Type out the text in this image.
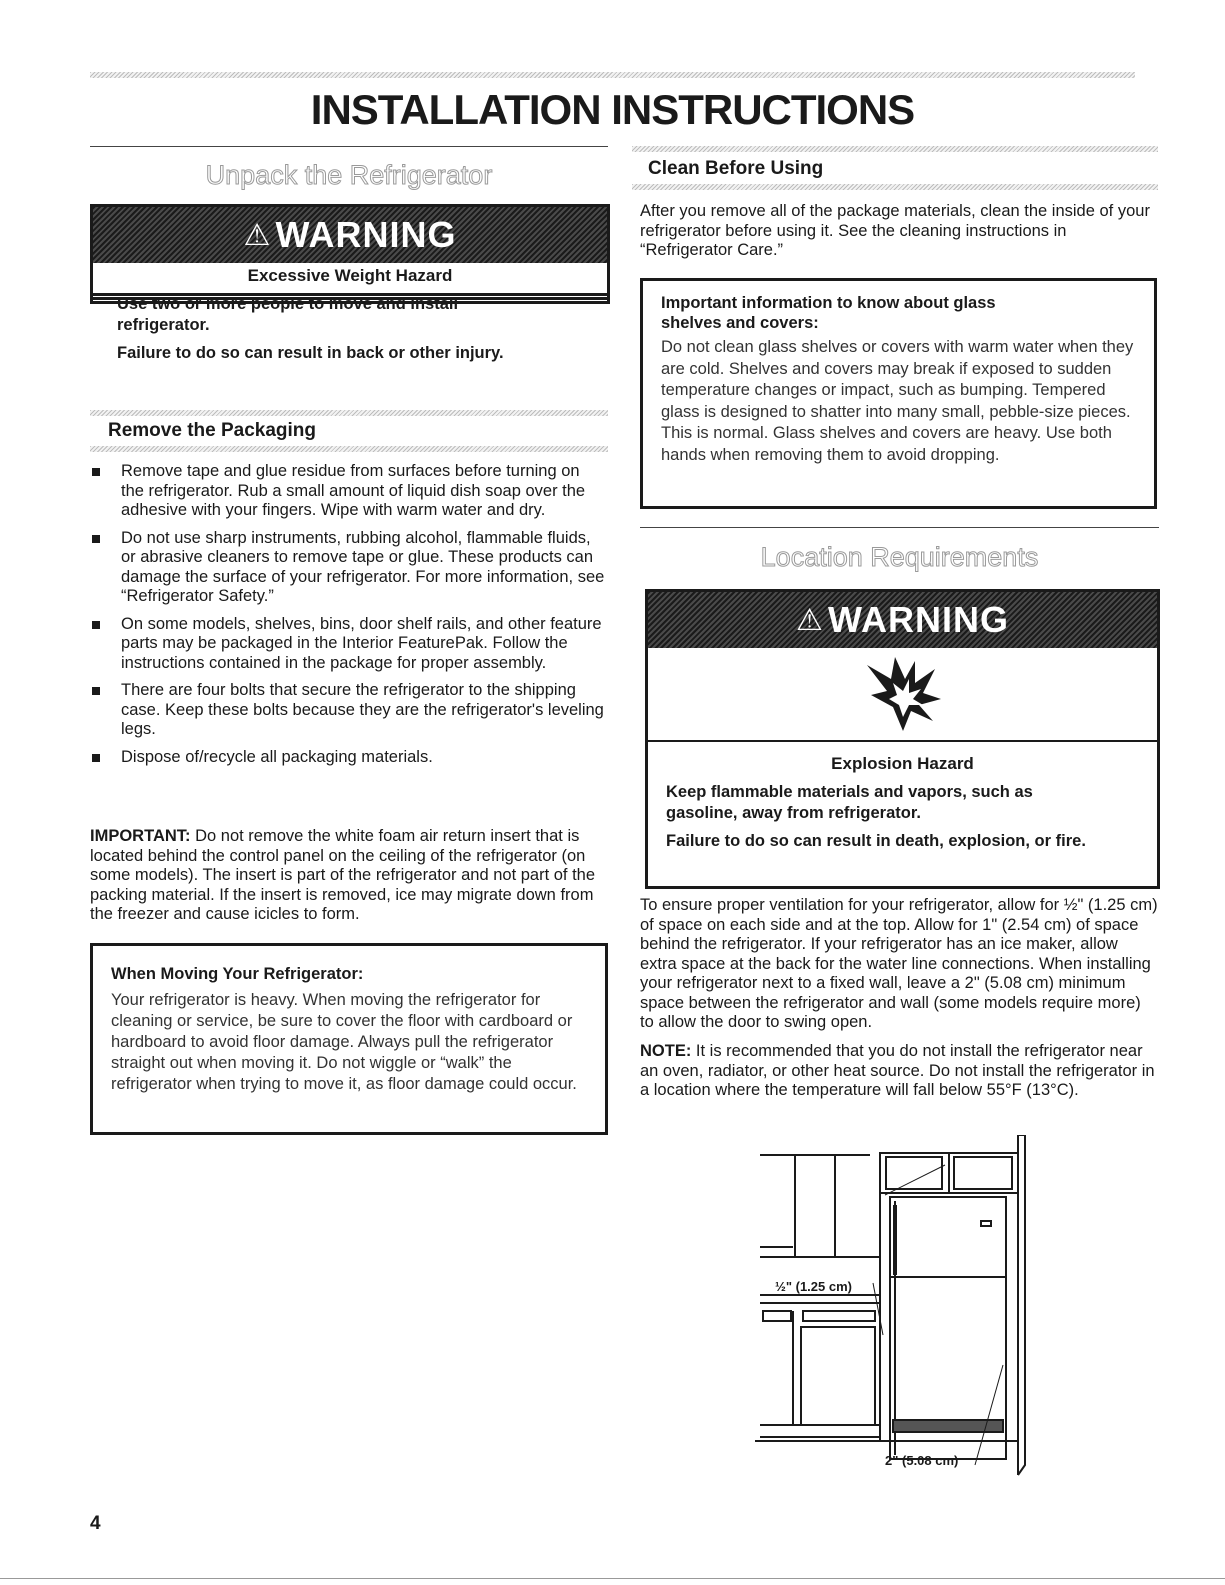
INSTALLATION INSTRUCTIONS
Unpack the Refrigerator
⚠ WARNING
Excessive Weight Hazard

Use two or more people to move and install refrigerator.

Failure to do so can result in back or other injury.

Remove the Packaging
Remove tape and glue residue from surfaces before turning on the refrigerator. Rub a small amount of liquid dish soap over the adhesive with your fingers. Wipe with warm water and dry.
Do not use sharp instruments, rubbing alcohol, flammable fluids, or abrasive cleaners to remove tape or glue. These products can damage the surface of your refrigerator. For more information, see “Refrigerator Safety.”
On some models, shelves, bins, door shelf rails, and other feature parts may be packaged in the Interior FeaturePak. Follow the instructions contained in the package for proper assembly.
There are four bolts that secure the refrigerator to the shipping case. Keep these bolts because they are the refrigerator's leveling legs.
Dispose of/recycle all packaging materials.

IMPORTANT: Do not remove the white foam air return insert that is located behind the control panel on the ceiling of the refrigerator (on some models). The insert is part of the refrigerator and not part of the packing material. If the insert is removed, ice may migrate down from the freezer and cause icicles to form.

When Moving Your Refrigerator:

Your refrigerator is heavy. When moving the refrigerator for cleaning or service, be sure to cover the floor with cardboard or hardboard to avoid floor damage. Always pull the refrigerator straight out when moving it. Do not wiggle or “walk” the refrigerator when trying to move it, as floor damage could occur.

Clean Before Using

After you remove all of the package materials, clean the inside of your refrigerator before using it. See the cleaning instructions in “Refrigerator Care.”

Important information to know about glass shelves and covers:

Do not clean glass shelves or covers with warm water when they are cold. Shelves and covers may break if exposed to sudden temperature changes or impact, such as bumping. Tempered glass is designed to shatter into many small, pebble-size pieces. This is normal. Glass shelves and covers are heavy. Use both hands when removing them to avoid dropping.

Location Requirements
⚠ WARNING
Explosion Hazard

Keep flammable materials and vapors, such as gasoline, away from refrigerator.

Failure to do so can result in death, explosion, or fire.

To ensure proper ventilation for your refrigerator, allow for ½" (1.25 cm) of space on each side and at the top. Allow for 1" (2.54 cm) of space behind the refrigerator. If your refrigerator has an ice maker, allow extra space at the back for the water line connections. When installing your refrigerator next to a fixed wall, leave a 2" (5.08 cm) minimum space between the refrigerator and wall (some models require more) to allow the door to swing open.

NOTE: It is recommended that you do not install the refrigerator near an oven, radiator, or other heat source. Do not install the refrigerator in a location where the temperature will fall below 55°F (13°C).

½" (1.25 cm)
2" (5.08 cm)
4
